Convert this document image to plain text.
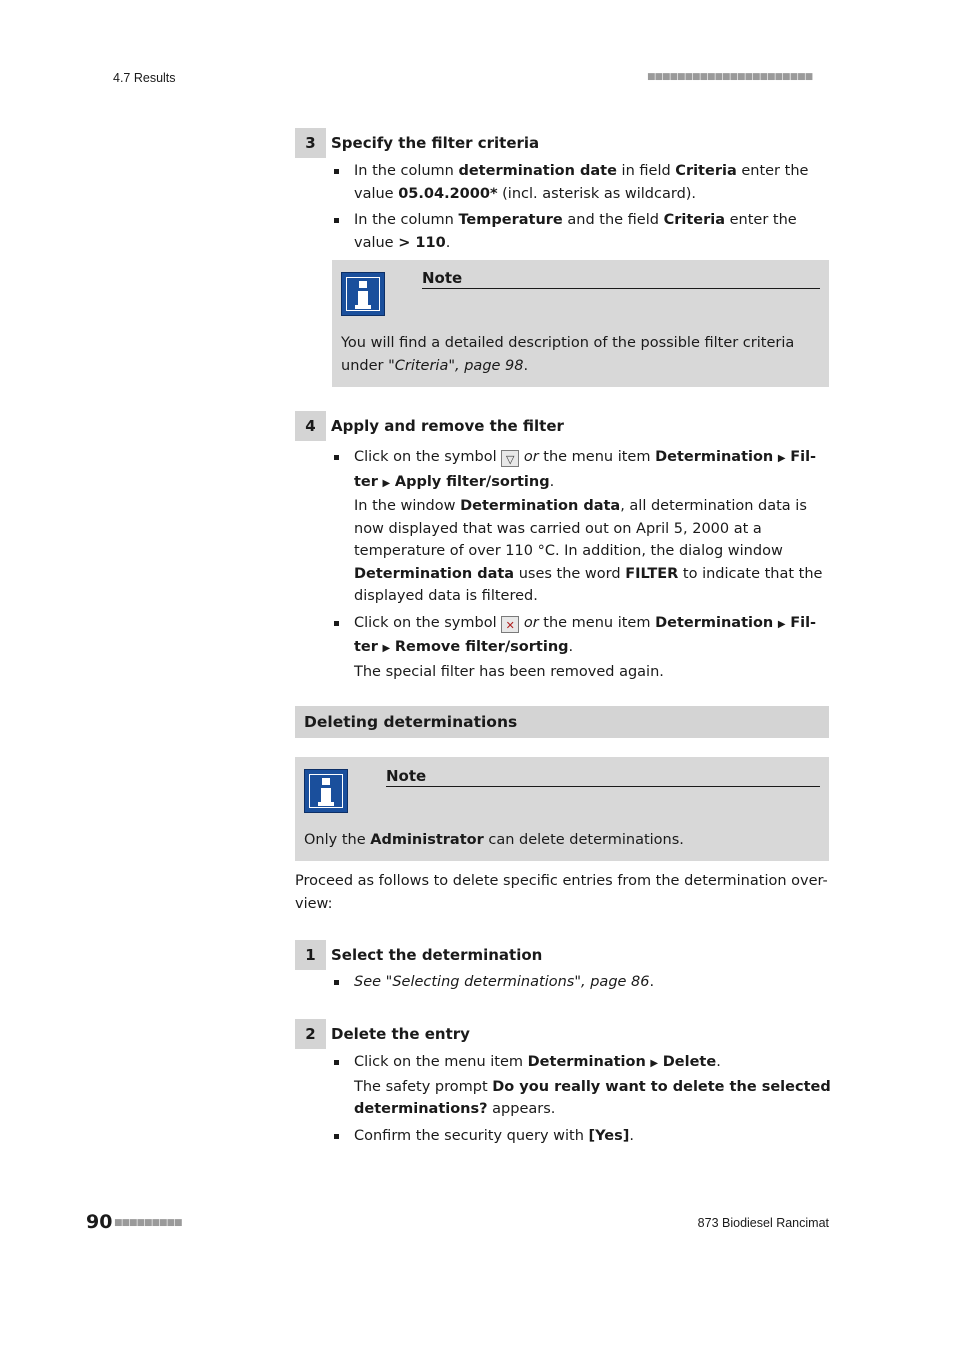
4.7 Results	■■■■■■■■■■■■■■■■■■■■■■
3	Specify the filter criteria

In the column determination date in field Criteria enter the value 05.04.2000* (incl. asterisk as wildcard).

In the column Temperature and the field Criteria enter the value > 110.

Note
You will find a detailed description of the possible filter criteria under "Criteria", page 98.
4	Apply and remove the filter
Click on the symbol ▽ or the menu item Determination ▶ Fil-ter ▶ Apply filter/sorting.
In the window Determination data, all determination data is now displayed that was carried out on April 5, 2000 at a temperature of over 110 °C. In addition, the dialog window Determination data uses the word FILTER to indicate that the displayed data is filtered.
Click on the symbol ✕ or the menu item Determination ▶ Fil-ter ▶ Remove filter/sorting.
The special filter has been removed again.
Deleting determinations
Note
Only the Administrator can delete determinations.
Proceed as follows to delete specific entries from the determination over-view:
1	Select the determination

See "Selecting determinations", page 86.

2	Delete the entry
Click on the menu item Determination ▶ Delete.
The safety prompt Do you really want to delete the selected determinations? appears.
Confirm the security query with [Yes].
90 ■■■■■■■■■	873 Biodiesel Rancimat
